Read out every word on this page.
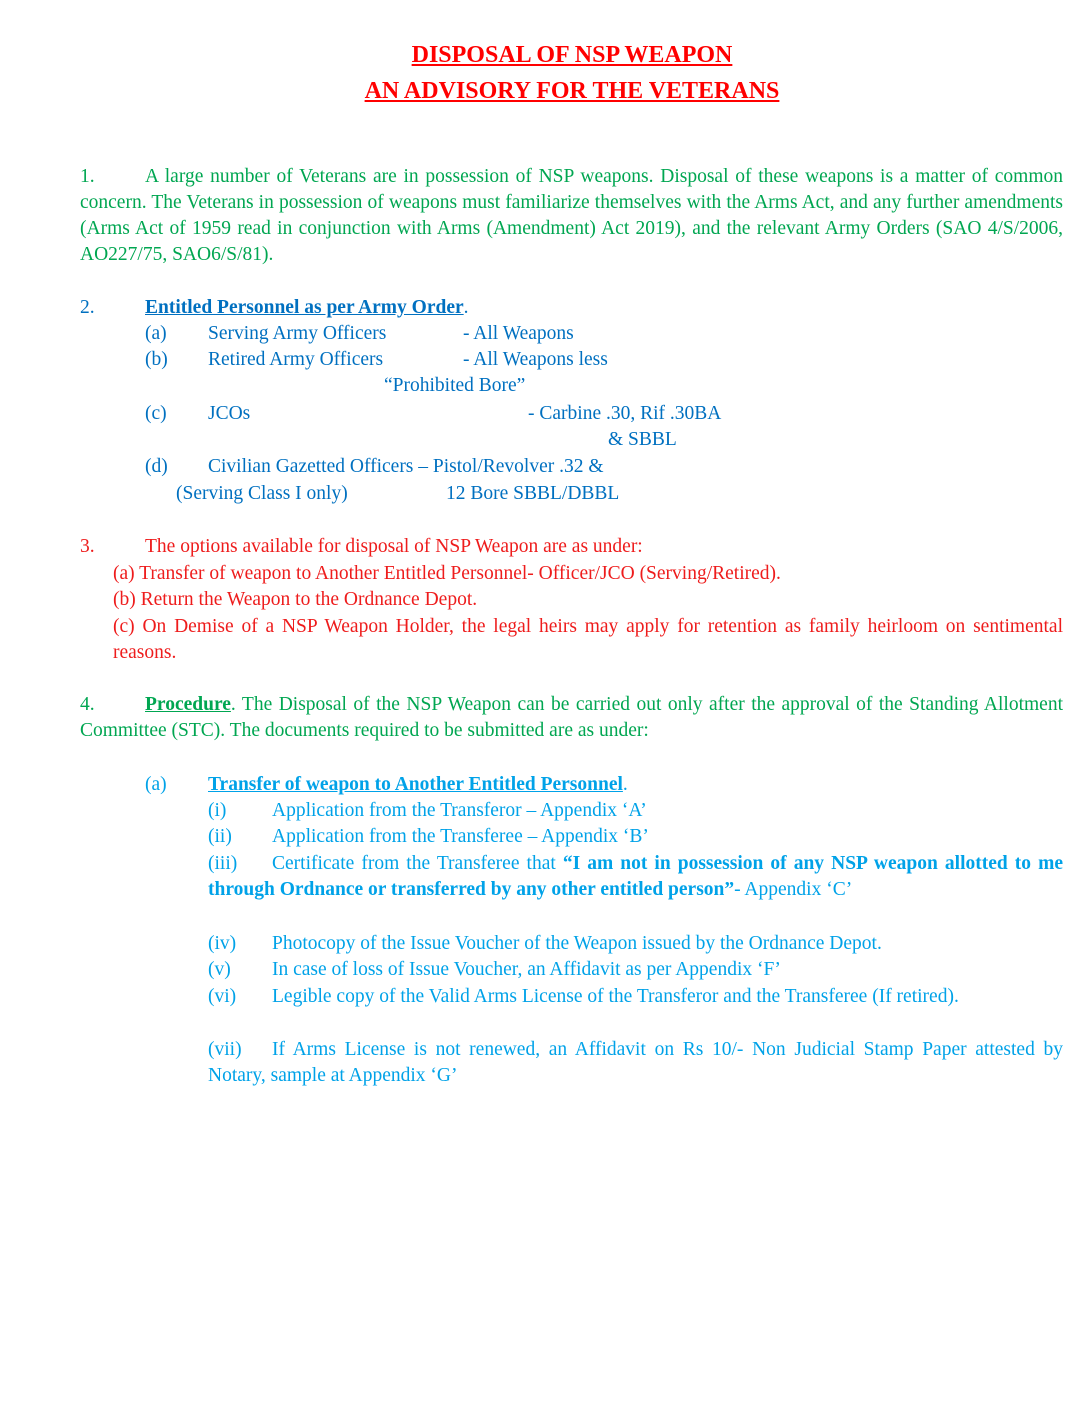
DISPOSAL OF NSP WEAPON
AN ADVISORY FOR THE VETERANS
1.	A large number of Veterans are in possession of NSP weapons. Disposal of these weapons is a matter of common concern. The Veterans in possession of weapons must familiarize themselves with the Arms Act, and any further amendments (Arms Act of 1959 read in conjunction with Arms (Amendment) Act 2019), and the relevant Army Orders (SAO 4/S/2006, AO227/75, SAO6/S/81).

2.	Entitled Personnel as per Army Order.
(a) Serving Army Officers	- All Weapons
(b) Retired Army Officers	- All Weapons less
“Prohibited Bore”
(c) JCOs	- Carbine .30, Rif .30BA
& SBBL
(d) Civilian Gazetted Officers – Pistol/Revolver .32 &
(Serving Class I only)	12 Bore SBBL/DBBL
3.	The options available for disposal of NSP Weapon are as under:
(a) Transfer of weapon to Another Entitled Personnel- Officer/JCO (Serving/Retired).
(b) Return the Weapon to the Ordnance Depot.

(c) On Demise of a NSP Weapon Holder, the legal heirs may apply for retention as family heirloom on sentimental reasons.

4.	Procedure. The Disposal of the NSP Weapon can be carried out only after the approval of the Standing Allotment Committee (STC). The documents required to be submitted are as under:

(a) Transfer of weapon to Another Entitled Personnel.
(i) Application from the Transferor – Appendix ‘A’
(ii) Application from the Transferee – Appendix ‘B’
(iii)	Certificate from the Transferee that “I am not in possession of any NSP weapon allotted to me through Ordnance or transferred by any other entitled person”- Appendix ‘C’

(iv) Photocopy of the Issue Voucher of the Weapon issued by the Ordnance Depot.
(v) In case of loss of Issue Voucher, an Affidavit as per Appendix ‘F’
(vi)	Legible copy of the Valid Arms License of the Transferor and the Transferee (If retired).

(vii)	If Arms License is not renewed, an Affidavit on Rs 10/- Non Judicial Stamp Paper attested by Notary, sample at Appendix ‘G’
